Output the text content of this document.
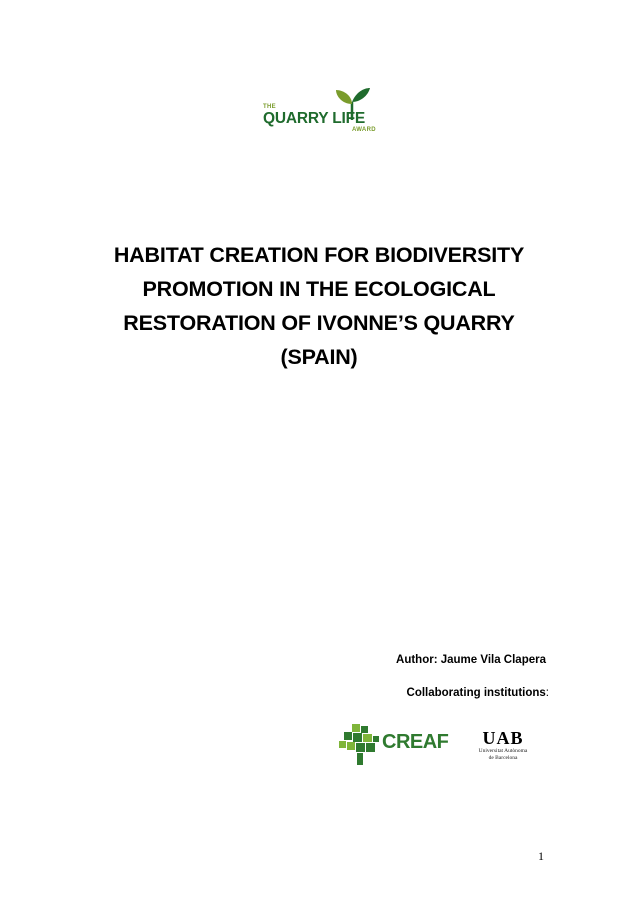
THE
QUARRY LIFE
AWARD
HABITAT CREATION FOR BIODIVERSITY
PROMOTION IN THE ECOLOGICAL
RESTORATION OF IVONNE’S QUARRY
(SPAIN)
Author: Jaume Vila Clapera
Collaborating institutions:
CREAF	UAB
Universitat Autònoma
de Barcelona
1
